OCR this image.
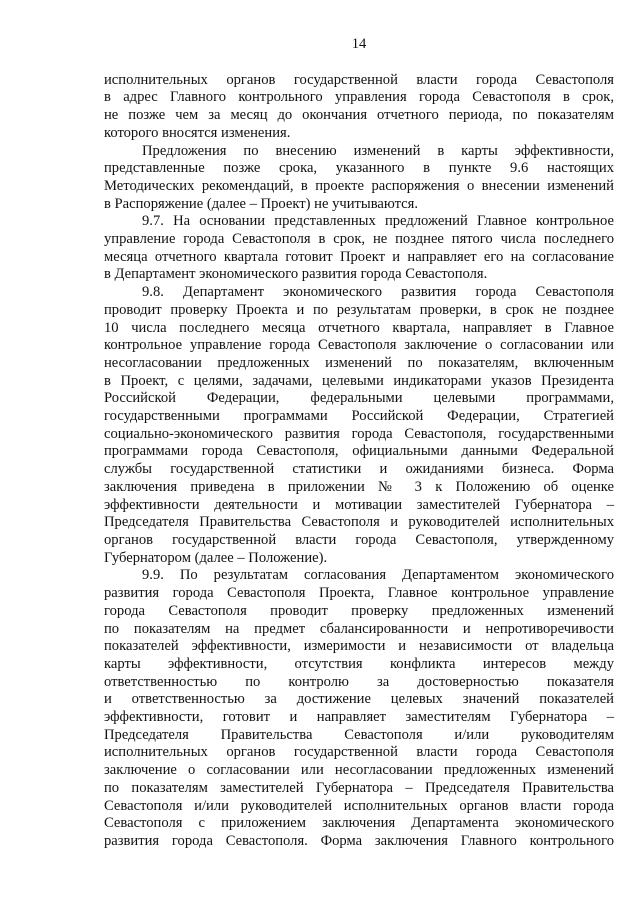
14
исполнительных органов государственной власти города Севастополя
в адрес Главного контрольного управления города Севастополя в срок,
не позже чем за месяц до окончания отчетного периода, по показателям
которого вносятся изменения.
Предложения по внесению изменений в карты эффективности,
представленные позже срока, указанного в пункте 9.6 настоящих
Методических рекомендаций, в проекте распоряжения о внесении изменений
в Распоряжение (далее – Проект) не учитываются.
9.7. На основании представленных предложений Главное контрольное
управление города Севастополя в срок, не позднее пятого числа последнего
месяца отчетного квартала готовит Проект и направляет его на согласование
в Департамент экономического развития города Севастополя.
9.8. Департамент экономического развития города Севастополя
проводит проверку Проекта и по результатам проверки, в срок не позднее
10 числа последнего месяца отчетного квартала, направляет в Главное
контрольное управление города Севастополя заключение о согласовании или
несогласовании предложенных изменений по показателям, включенным
в Проект, с целями, задачами, целевыми индикаторами указов Президента
Российской Федерации, федеральными целевыми программами,
государственными программами Российской Федерации, Стратегией
социально-экономического развития города Севастополя, государственными
программами города Севастополя, официальными данными Федеральной
службы государственной статистики и ожиданиями бизнеса. Форма
заключения приведена в приложении № 3 к Положению об оценке
эффективности деятельности и мотивации заместителей Губернатора –
Председателя Правительства Севастополя и руководителей исполнительных
органов государственной власти города Севастополя, утвержденному
Губернатором (далее – Положение).
9.9. По результатам согласования Департаментом экономического
развития города Севастополя Проекта, Главное контрольное управление
города Севастополя проводит проверку предложенных изменений
по показателям на предмет сбалансированности и непротиворечивости
показателей эффективности, измеримости и независимости от владельца
карты эффективности, отсутствия конфликта интересов между
ответственностью по контролю за достоверностью показателя
и ответственностью за достижение целевых значений показателей
эффективности, готовит и направляет заместителям Губернатора –
Председателя Правительства Севастополя и/или руководителям
исполнительных органов государственной власти города Севастополя
заключение о согласовании или несогласовании предложенных изменений
по показателям заместителей Губернатора – Председателя Правительства
Севастополя и/или руководителей исполнительных органов власти города
Севастополя с приложением заключения Департамента экономического
развития города Севастополя. Форма заключения Главного контрольного
